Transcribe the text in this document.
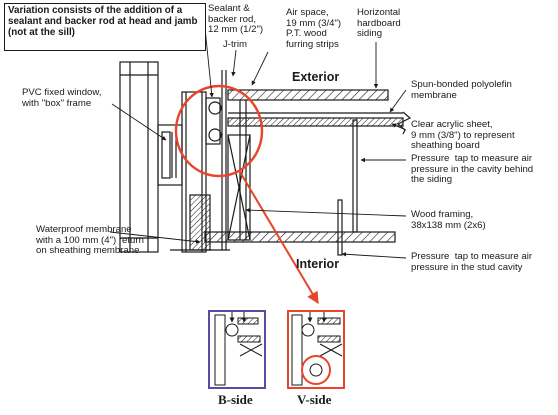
Variation consists of the addition of a sealant and backer rod at head and jamb (not at the sill)

Sealant &
backer rod,
12 mm (1/2")

Air space,
19 mm (3/4")
P.T. wood
furring strips

Horizontal
hardboard
siding

J-trim

Exterior

Interior

PVC fixed window,
with "box" frame

Spun-bonded polyolefin
membrane

Clear acrylic sheet,
9 mm (3/8") to represent
sheathing board

Pressure  tap to measure air
pressure in the cavity behind
the siding

Wood framing,
38x138 mm (2x6)

Waterproof membrane
with a 100 mm (4") return
on sheathing membrane

Pressure  tap to measure air
pressure in the stud cavity

B-side	V-side
